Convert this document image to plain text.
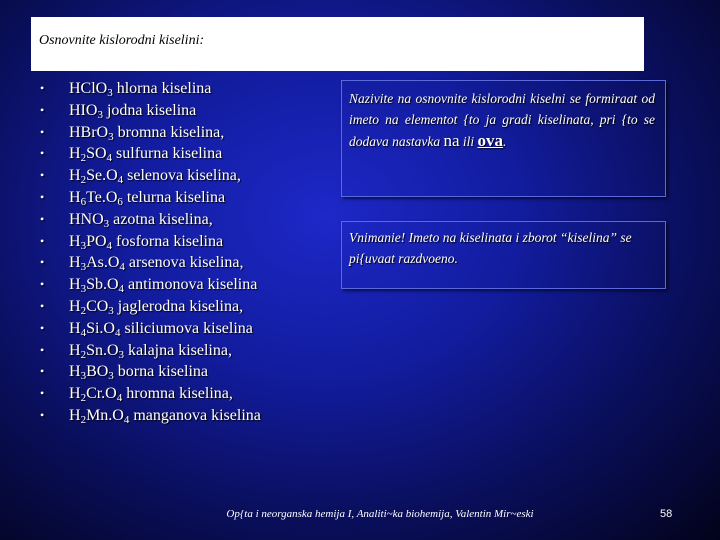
Osnovnite kislorodni kiselini:
• HClO$_3$ hlorna kiselina
• $HIO_3$ jodna kiselina
• HBrO$_3$ bromna kiselina,
• $H_2SO_4$ sulfurna kiselina
• $H_2Se.O_4$ selenova kiselina,
• $H_6Te.O_6$ telurna kiselina
• $HNO_3$ azotna kiselina,
• $H_3PO_4$ fosforna kiselina
• $H_3As.O_4$ arsenova kiselina,
• $H_3Sb.O_4$ antimonova kiselina
• $H_2CO_3$ jaglerodna kiselina,
• $H_4Si.O_4$ siliciumova kiselina
• $H_2Sn.O_3$ kalajna kiselina,
• $H_3BO_3$ borna kiselina
• $H_2Cr.O_4$ hromna kiselina,
• $H_2Mn.O_4$ manganova kiselina
Nazivite na osnovnite kislorodni kiselni se formiraat od imeto na elementot {to ja gradi kiselinata, pri {to se dodava nastavka na ili ova.
Vnimanie! Imeto na kiselinata i zborot “kiselina” se pi{uvaat razdvoeno.
Op{ta i neorganska hemija I, Analiti~ka biohemija, Valentin Mir~eski	58
